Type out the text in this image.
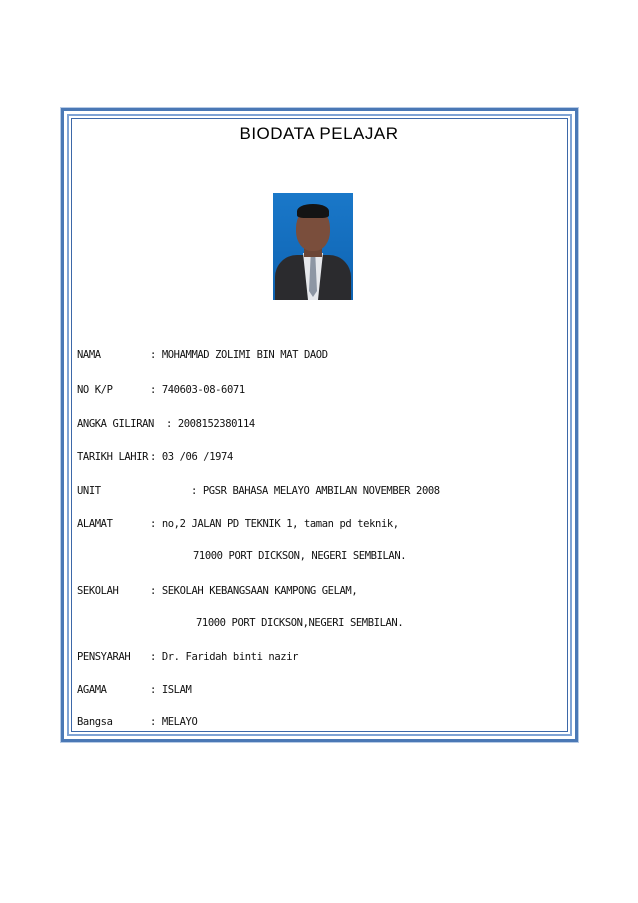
BIODATA PELAJAR
NAMA	: MOHAMMAD ZOLIMI BIN MAT DAOD
NO K/P	: 740603-08-6071
ANGKA GILIRAN : 2008152380114
TARIKH LAHIR : 03 /06 /1974
UNIT	: PGSR BAHASA MELAYO AMBILAN NOVEMBER 2008
ALAMAT	: no,2 JALAN PD TEKNIK 1, taman pd teknik,
71000 PORT DICKSON, NEGERI SEMBILAN.
SEKOLAH	: SEKOLAH KEBANGSAAN KAMPONG GELAM,
71000 PORT DICKSON,NEGERI SEMBILAN.
PENSYARAH : Dr. Faridah binti nazir
AGAMA	: ISLAM
Bangsa	: MELAYO
